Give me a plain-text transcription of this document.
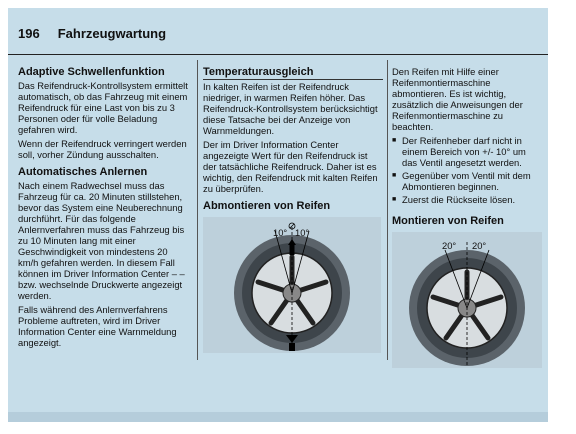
196 Fahrzeugwartung
Adaptive Schwellenfunktion

Das Reifendruck-Kontrollsystem ermittelt automatisch, ob das Fahrzeug mit einem Reifendruck für eine Last von bis zu 3 Personen oder für volle Beladung gefahren wird.

Wenn der Reifendruck verringert werden soll, vorher Zündung ausschalten.

Automatisches Anlernen

Nach einem Radwechsel muss das Fahrzeug für ca. 20 Minuten stillstehen, bevor das System eine Neuberechnung durchführt. Für das folgende Anlernverfahren muss das Fahrzeug bis zu 10 Minuten lang mit einer Geschwindigkeit von mindestens 20 km/h gefahren werden. In diesem Fall können im Driver Information Center – – bzw. wechselnde Druckwerte angezeigt werden.

Falls während des Anlernverfahrens Probleme auftreten, wird im Driver Information Center eine Warnmeldung angezeigt.

Temperaturausgleich

In kalten Reifen ist der Reifendruck niedriger, in warmen Reifen höher. Das Reifendruck-Kontrollsystem berücksichtigt diese Tatsache bei der Anzeige von Warnmeldungen.

Der im Driver Information Center angezeigte Wert für den Reifendruck ist der tatsächliche Reifendruck. Daher ist es wichtig, den Reifendruck mit kalten Reifen zu überprüfen.

Abmontieren von Reifen
10° 10°

Den Reifen mit Hilfe einer Reifenmontiermaschine abmontieren. Es ist wichtig, zusätzlich die Anweisungen der Reifenmontiermaschine zu beachten.

■ Der Reifenheber darf nicht in einem Bereich von +/- 10° um das Ventil angesetzt werden.
■ Gegenüber vom Ventil mit dem Abmontieren beginnen.
■ Zuerst die Rückseite lösen.
Montieren von Reifen
20° 20°
